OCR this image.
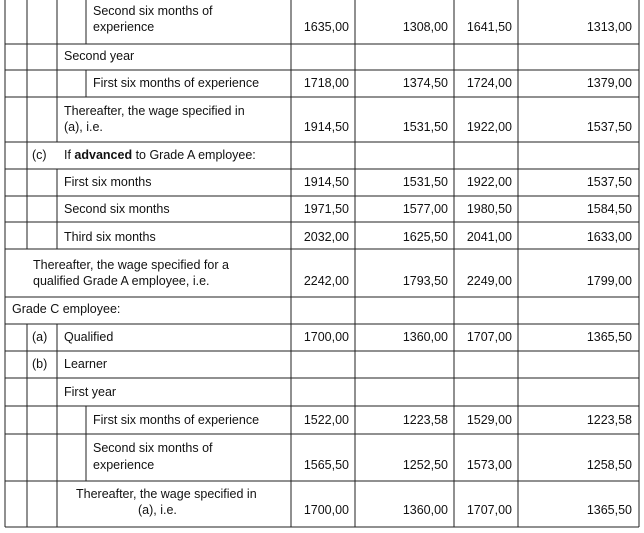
Second six months of
experience	1635,00	1308,00	1641,50	1313,00
Second year
First six months of experience	1718,00	1374,50	1724,00	1379,00
Thereafter, the wage specified in
(a), i.e.	1914,50	1531,50	1922,00	1537,50
(c) If advanced to Grade A employee:
First six months	1914,50	1531,50	1922,00	1537,50
Second six months	1971,50	1577,00	1980,50	1584,50
Third six months	2032,00	1625,50	2041,00	1633,00
Thereafter, the wage specified for a
qualified Grade A employee, i.e.	2242,00	1793,50	2249,00	1799,00
Grade C employee:
(a) Qualified	1700,00	1360,00	1707,00	1365,50
(b) Learner
First year
First six months of experience	1522,00	1223,58	1529,00	1223,58
Second six months of
experience	1565,50	1252,50	1573,00	1258,50
Thereafter, the wage specified in
(a), i.e.	1700,00	1360,00	1707,00	1365,50
